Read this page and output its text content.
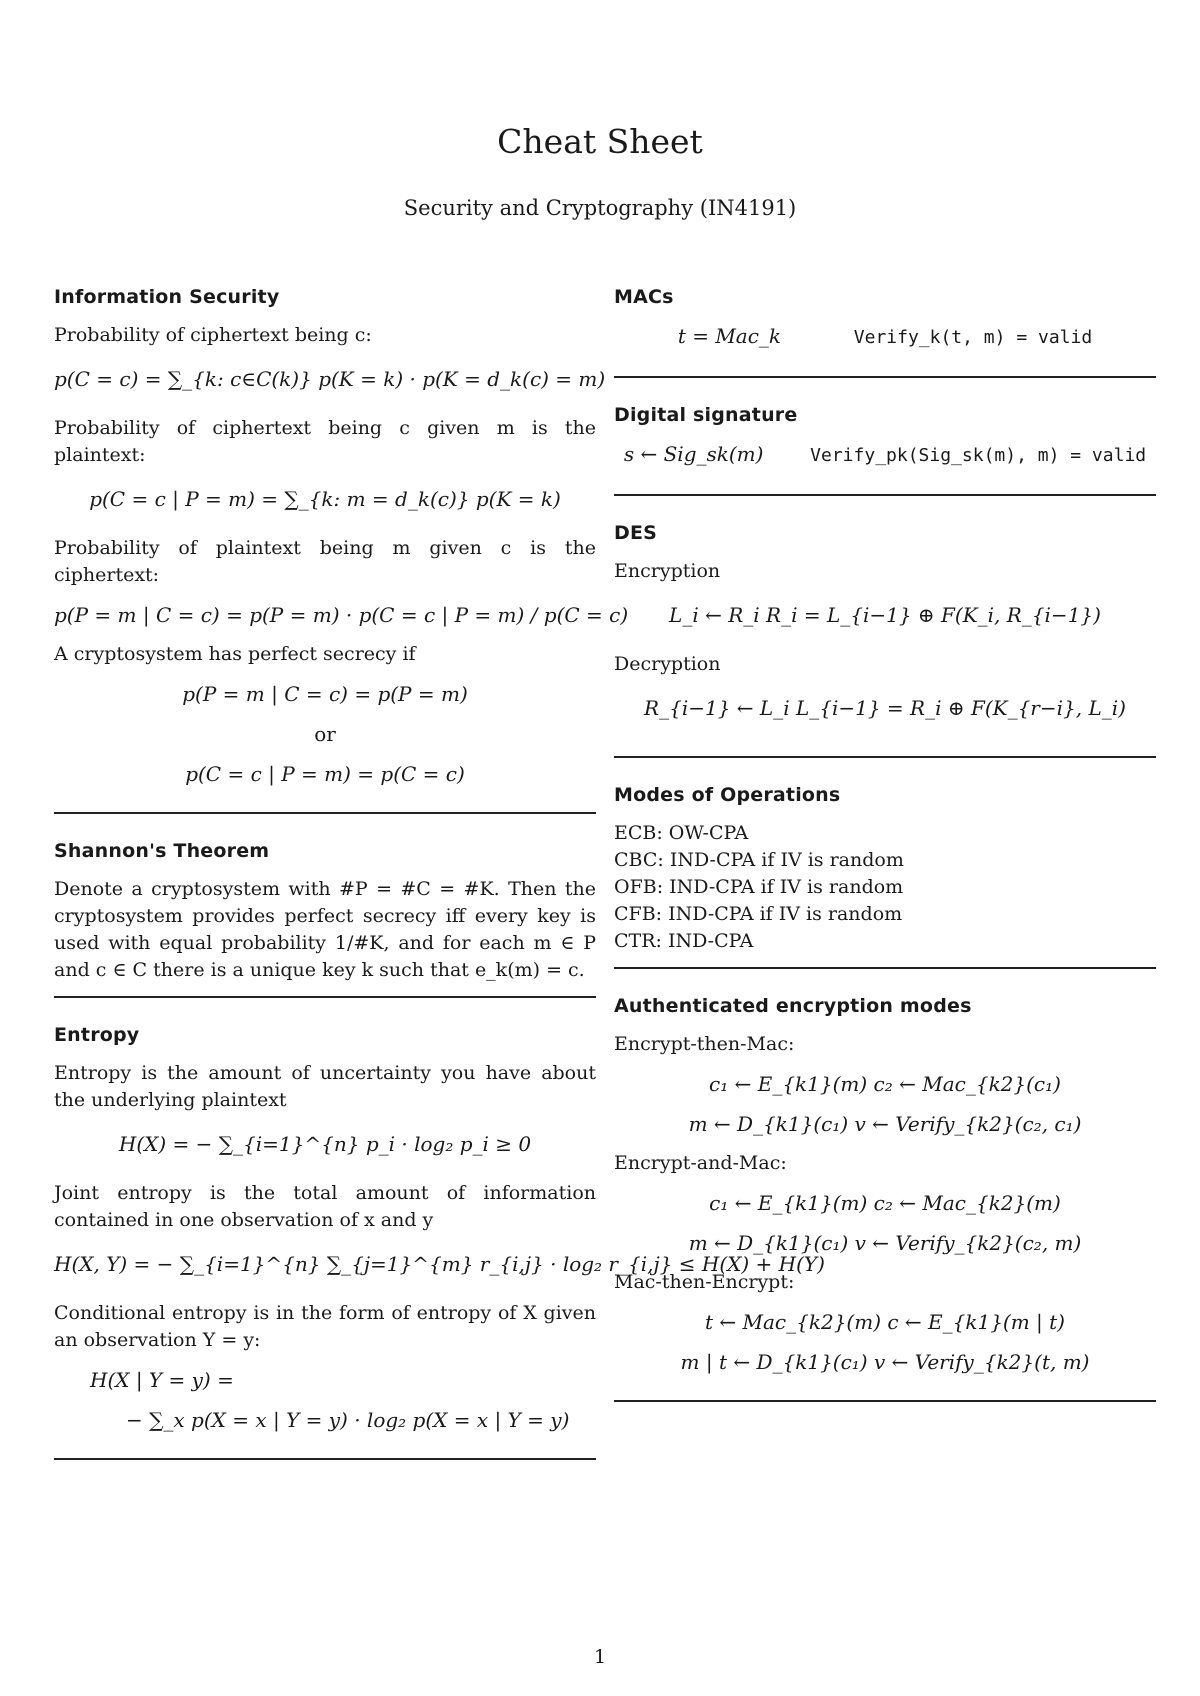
Cheat Sheet
Security and Cryptography (IN4191)
Information Security

Probability of ciphertext being c:

p(C = c) = ∑_{k: c∈C(k)} p(K = k) · p(K = d_k(c) = m)

Probability of ciphertext being c given m is the plaintext:

p(C = c | P = m) = ∑_{k: m = d_k(c)} p(K = k)

Probability of plaintext being m given c is the ciphertext:

p(P = m | C = c) = p(P = m) · p(C = c | P = m) / p(C = c)

A cryptosystem has perfect secrecy if

p(P = m | C = c) = p(P = m)
or
p(C = c | P = m) = p(C = c)
Shannon's Theorem

Denote a cryptosystem with #P = #C = #K. Then the cryptosystem provides perfect secrecy iff every key is used with equal probability 1/#K, and for each m ∈ P and c ∈ C there is a unique key k such that e_k(m) = c.

Entropy

Entropy is the amount of uncertainty you have about the underlying plaintext

H(X) = − ∑_{i=1}^{n} p_i · log₂ p_i ≥ 0

Joint entropy is the total amount of information contained in one observation of x and y

H(X, Y) = − ∑_{i=1}^{n} ∑_{j=1}^{m} r_{i,j} · log₂ r_{i,j} ≤ H(X) + H(Y)

Conditional entropy is in the form of entropy of X given an observation Y = y:

H(X | Y = y) =
− ∑_x p(X = x | Y = y) · log₂ p(X = x | Y = y)
MACs
t = Mac_k	Verify_k(t, m) = valid
Digital signature
s ← Sig_sk(m)	Verify_pk(Sig_sk(m), m) = valid
DES

Encryption

L_i ← R_i R_i = L_{i−1} ⊕ F(K_i, R_{i−1})

Decryption

R_{i−1} ← L_i L_{i−1} = R_i ⊕ F(K_{r−i}, L_i)
Modes of Operations
ECB: OW-CPA
CBC: IND-CPA if IV is random
OFB: IND-CPA if IV is random
CFB: IND-CPA if IV is random
CTR: IND-CPA
Authenticated encryption modes

Encrypt-then-Mac:

c₁ ← E_{k1}(m) c₂ ← Mac_{k2}(c₁)
m ← D_{k1}(c₁) v ← Verify_{k2}(c₂, c₁)

Encrypt-and-Mac:

c₁ ← E_{k1}(m) c₂ ← Mac_{k2}(m)
m ← D_{k1}(c₁) v ← Verify_{k2}(c₂, m)

Mac-then-Encrypt:

t ← Mac_{k2}(m) c ← E_{k1}(m | t)
m | t ← D_{k1}(c₁) v ← Verify_{k2}(t, m)
1
